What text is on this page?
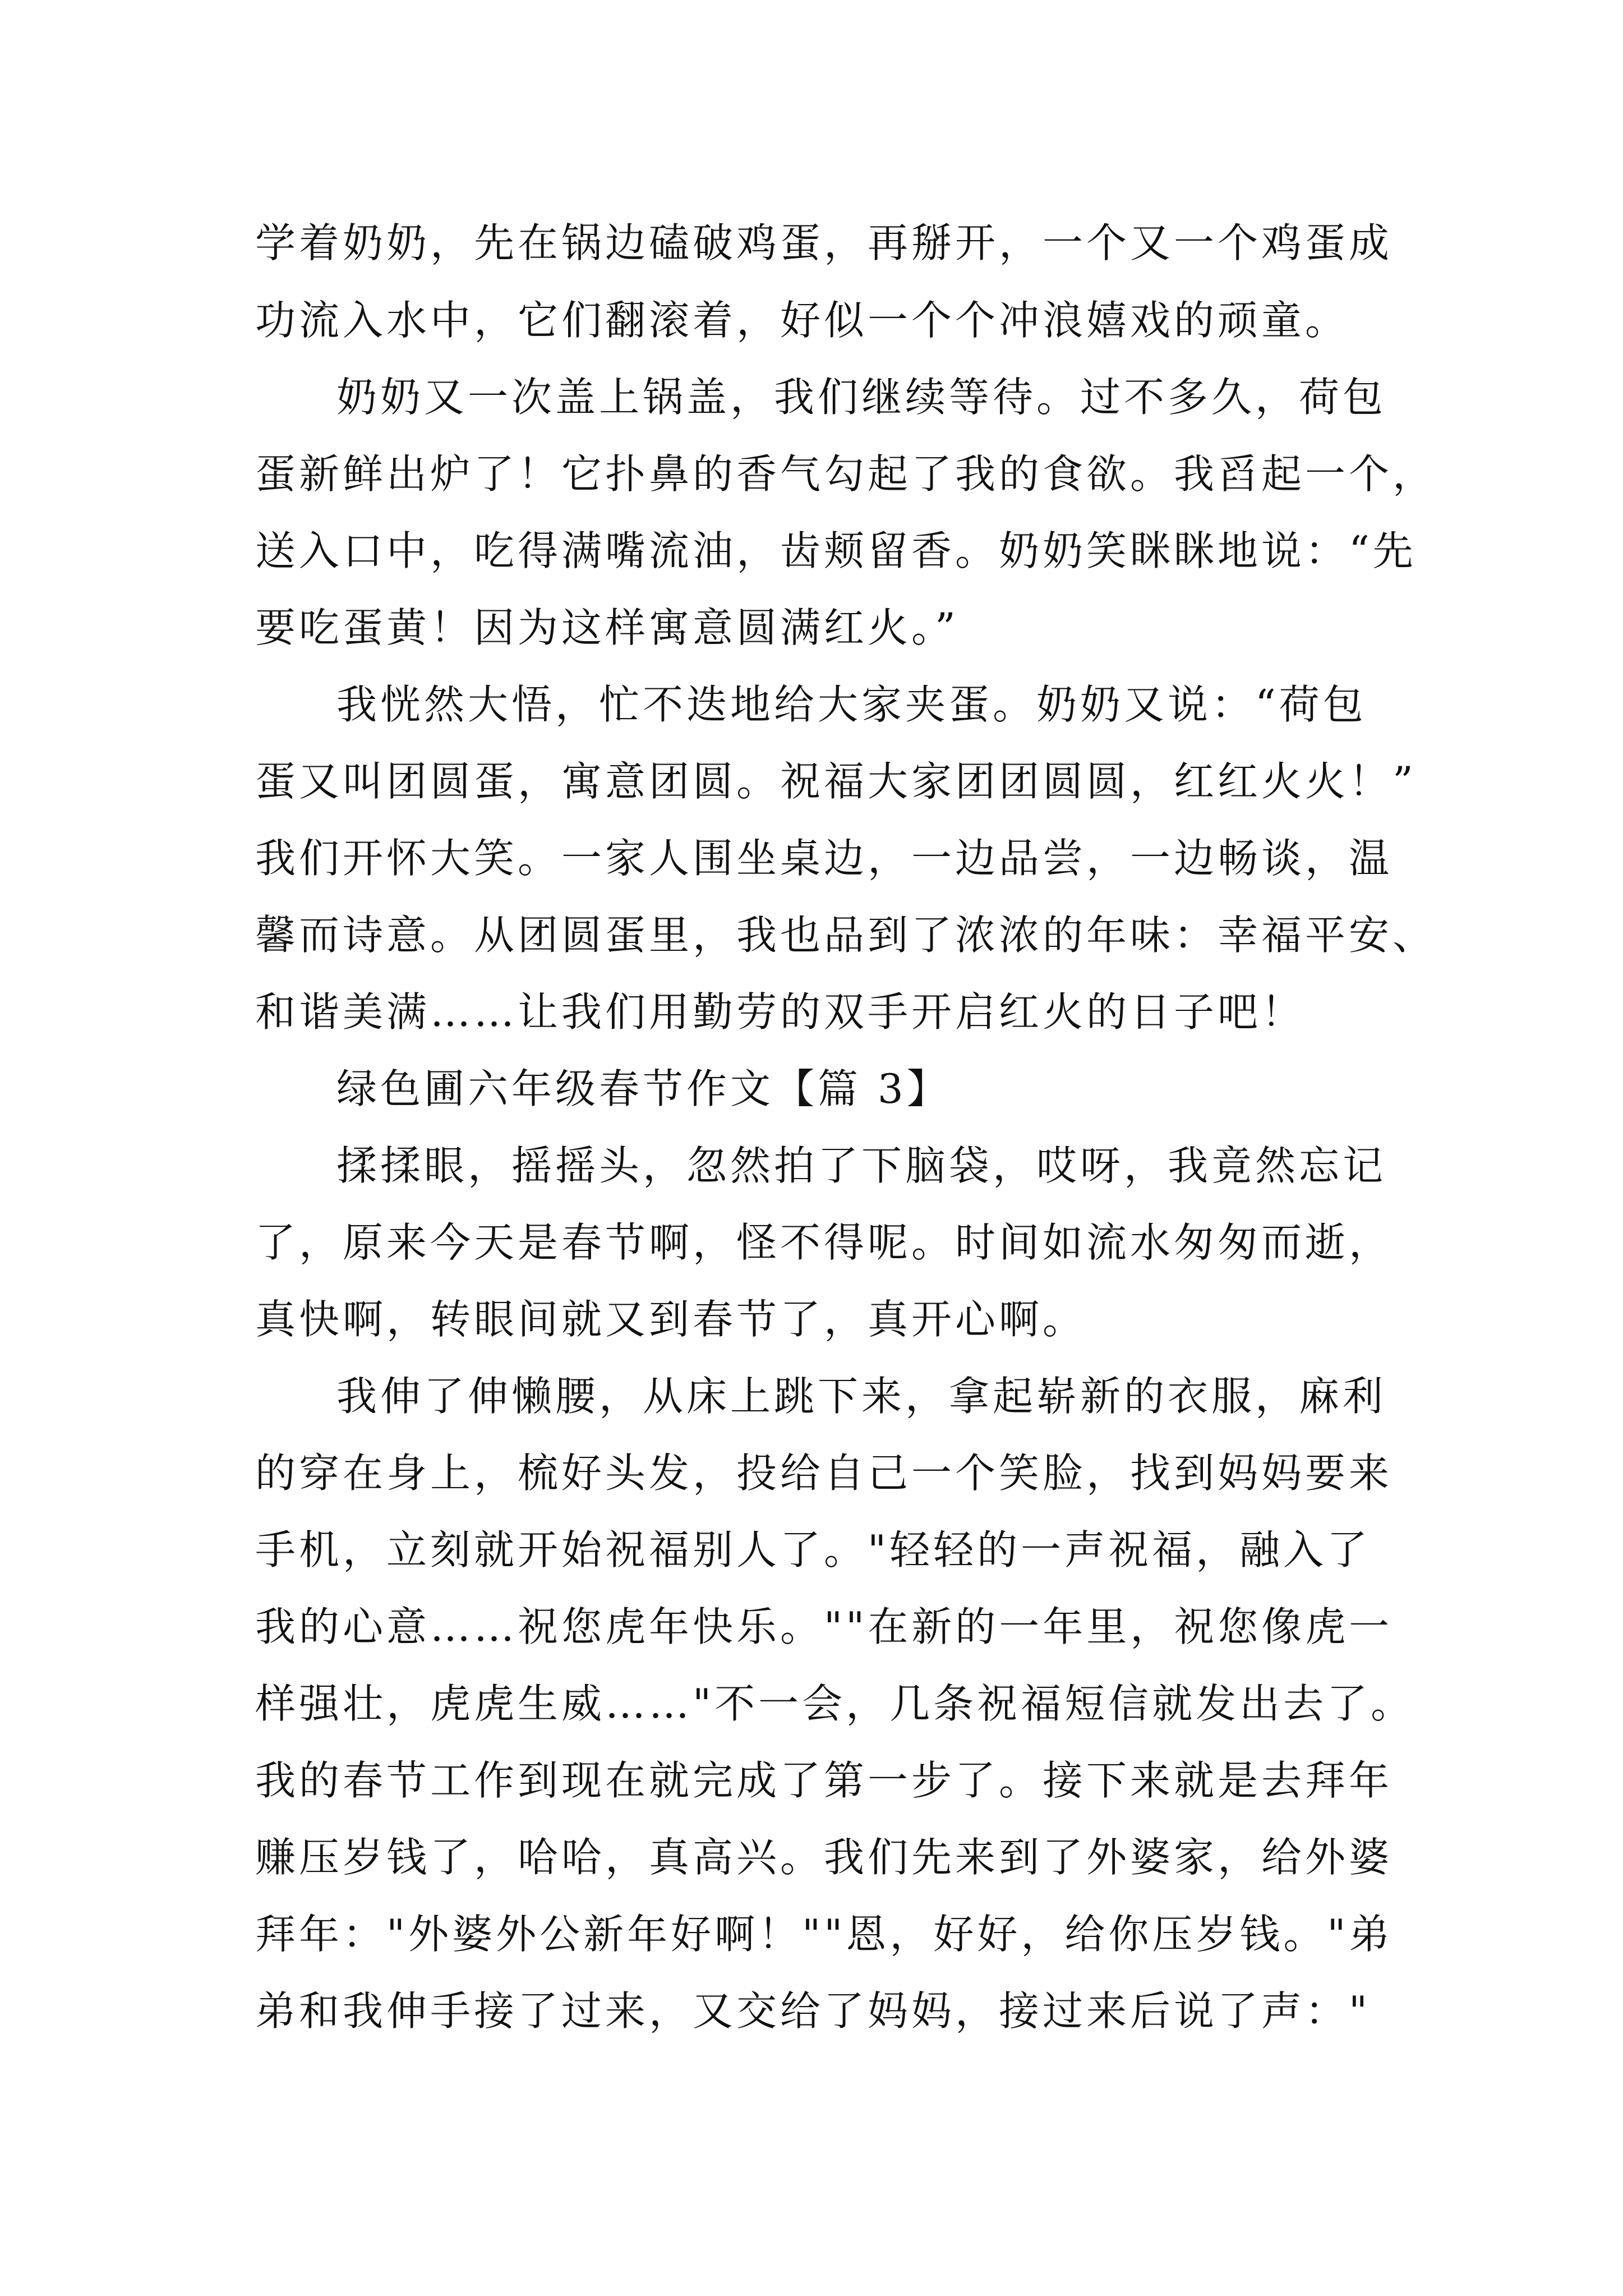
学着奶奶，先在锅边磕破鸡蛋，再掰开，一个又一个鸡蛋成

功流入水中，它们翻滚着，好似一个个冲浪嬉戏的顽童。

奶奶又一次盖上锅盖，我们继续等待。过不多久，荷包

蛋新鲜出炉了！它扑鼻的香气勾起了我的食欲。我舀起一个，

送入口中，吃得满嘴流油，齿颊留香。奶奶笑眯眯地说：“先

要吃蛋黄！因为这样寓意圆满红火。”

我恍然大悟，忙不迭地给大家夹蛋。奶奶又说：“荷包

蛋又叫团圆蛋，寓意团圆。祝福大家团团圆圆，红红火火！”

我们开怀大笑。一家人围坐桌边，一边品尝，一边畅谈，温

馨而诗意。从团圆蛋里，我也品到了浓浓的年味：幸福平安、

和谐美满……让我们用勤劳的双手开启红火的日子吧！

绿色圃六年级春节作文【篇 3】

揉揉眼，摇摇头，忽然拍了下脑袋，哎呀，我竟然忘记

了，原来今天是春节啊，怪不得呢。时间如流水匆匆而逝，

真快啊，转眼间就又到春节了，真开心啊。

我伸了伸懒腰，从床上跳下来，拿起崭新的衣服，麻利

的穿在身上，梳好头发，投给自己一个笑脸，找到妈妈要来

手机，立刻就开始祝福别人了。"轻轻的一声祝福，融入了

我的心意……祝您虎年快乐。""在新的一年里，祝您像虎一

样强壮，虎虎生威……"不一会，几条祝福短信就发出去了。

我的春节工作到现在就完成了第一步了。接下来就是去拜年

赚压岁钱了，哈哈，真高兴。我们先来到了外婆家，给外婆

拜年："外婆外公新年好啊！""恩，好好，给你压岁钱。"弟

弟和我伸手接了过来，又交给了妈妈，接过来后说了声："
